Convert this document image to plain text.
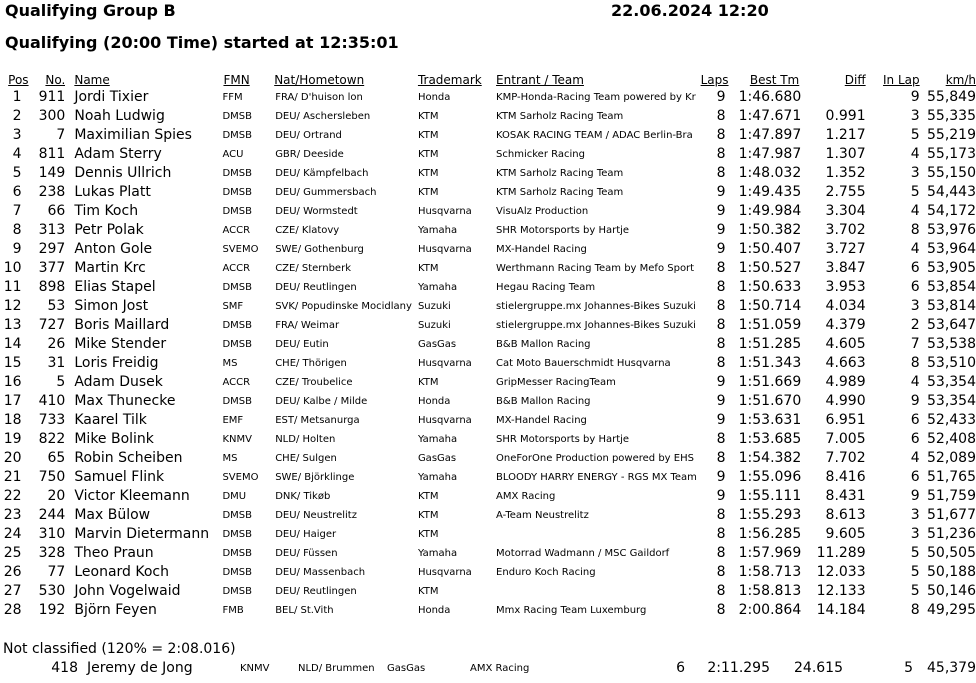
Qualifying Group B	22.06.2024 12:20
Qualifying (20:00 Time) started at 12:35:01
Pos	No.	Name	FMN	Nat/Hometown	Trademark	Entrant / Team	Laps	Best Tm	Diff	In Lap	km/h
1	911	Jordi Tixier	FFM	FRA/ D'huison lon	Honda	KMP-Honda-Racing Team powered by Kr	9	1:46.680		9	55,849
2	300	Noah Ludwig	DMSB	DEU/ Aschersleben	KTM	KTM Sarholz Racing Team	8	1:47.671	0.991	3	55,335
3	7	Maximilian Spies	DMSB	DEU/ Ortrand	KTM	KOSAK RACING TEAM / ADAC Berlin-Bra	8	1:47.897	1.217	5	55,219
4	811	Adam Sterry	ACU	GBR/ Deeside	KTM	Schmicker Racing	8	1:47.987	1.307	4	55,173
5	149	Dennis Ullrich	DMSB	DEU/ Kämpfelbach	KTM	KTM Sarholz Racing Team	8	1:48.032	1.352	3	55,150
6	238	Lukas Platt	DMSB	DEU/ Gummersbach	KTM	KTM Sarholz Racing Team	9	1:49.435	2.755	5	54,443
7	66	Tim Koch	DMSB	DEU/ Wormstedt	Husqvarna	VisuAlz Production	9	1:49.984	3.304	4	54,172
8	313	Petr Polak	ACCR	CZE/ Klatovy	Yamaha	SHR Motorsports by Hartje	9	1:50.382	3.702	8	53,976
9	297	Anton Gole	SVEMO	SWE/ Gothenburg	Husqvarna	MX-Handel Racing	9	1:50.407	3.727	4	53,964
10	377	Martin Krc	ACCR	CZE/ Sternberk	KTM	Werthmann Racing Team by Mefo Sport	8	1:50.527	3.847	6	53,905
11	898	Elias Stapel	DMSB	DEU/ Reutlingen	Yamaha	Hegau Racing Team	8	1:50.633	3.953	6	53,854
12	53	Simon Jost	SMF	SVK/ Popudinske Mocidlany	Suzuki	stielergruppe.mx Johannes-Bikes Suzuki	8	1:50.714	4.034	3	53,814
13	727	Boris Maillard	DMSB	FRA/ Weimar	Suzuki	stielergruppe.mx Johannes-Bikes Suzuki	8	1:51.059	4.379	2	53,647
14	26	Mike Stender	DMSB	DEU/ Eutin	GasGas	B&B Mallon Racing	8	1:51.285	4.605	7	53,538
15	31	Loris Freidig	MS	CHE/ Thörigen	Husqvarna	Cat Moto Bauerschmidt Husqvarna	8	1:51.343	4.663	8	53,510
16	5	Adam Dusek	ACCR	CZE/ Troubelice	KTM	GripMesser RacingTeam	9	1:51.669	4.989	4	53,354
17	410	Max Thunecke	DMSB	DEU/ Kalbe / Milde	Honda	B&B Mallon Racing	9	1:51.670	4.990	9	53,354
18	733	Kaarel Tilk	EMF	EST/ Metsanurga	Husqvarna	MX-Handel Racing	9	1:53.631	6.951	6	52,433
19	822	Mike Bolink	KNMV	NLD/ Holten	Yamaha	SHR Motorsports by Hartje	8	1:53.685	7.005	6	52,408
20	65	Robin Scheiben	MS	CHE/ Sulgen	GasGas	OneForOne Production powered by EHS	8	1:54.382	7.702	4	52,089
21	750	Samuel Flink	SVEMO	SWE/ Björklinge	Yamaha	BLOODY HARRY ENERGY - RGS MX Team	9	1:55.096	8.416	6	51,765
22	20	Victor Kleemann	DMU	DNK/ Tikøb	KTM	AMX Racing	9	1:55.111	8.431	9	51,759
23	244	Max Bülow	DMSB	DEU/ Neustrelitz	KTM	A-Team Neustrelitz	8	1:55.293	8.613	3	51,677
24	310	Marvin Dietermann	DMSB	DEU/ Haiger	KTM		8	1:56.285	9.605	3	51,236
25	328	Theo Praun	DMSB	DEU/ Füssen	Yamaha	Motorrad Wadmann / MSC Gaildorf	8	1:57.969	11.289	5	50,505
26	77	Leonard Koch	DMSB	DEU/ Massenbach	Husqvarna	Enduro Koch Racing	8	1:58.713	12.033	5	50,188
27	530	John Vogelwaid	DMSB	DEU/ Reutlingen	KTM		8	1:58.813	12.133	5	50,146
28	192	Björn Feyen	FMB	BEL/ St.Vith	Honda	Mmx Racing Team Luxemburg	8	2:00.864	14.184	8	49,295
Not classified (120% = 2:08.016)
	418	Jeremy de Jong	KNMV	NLD/ Brummen	GasGas	AMX Racing	6	2:11.295	24.615	5	45,379
